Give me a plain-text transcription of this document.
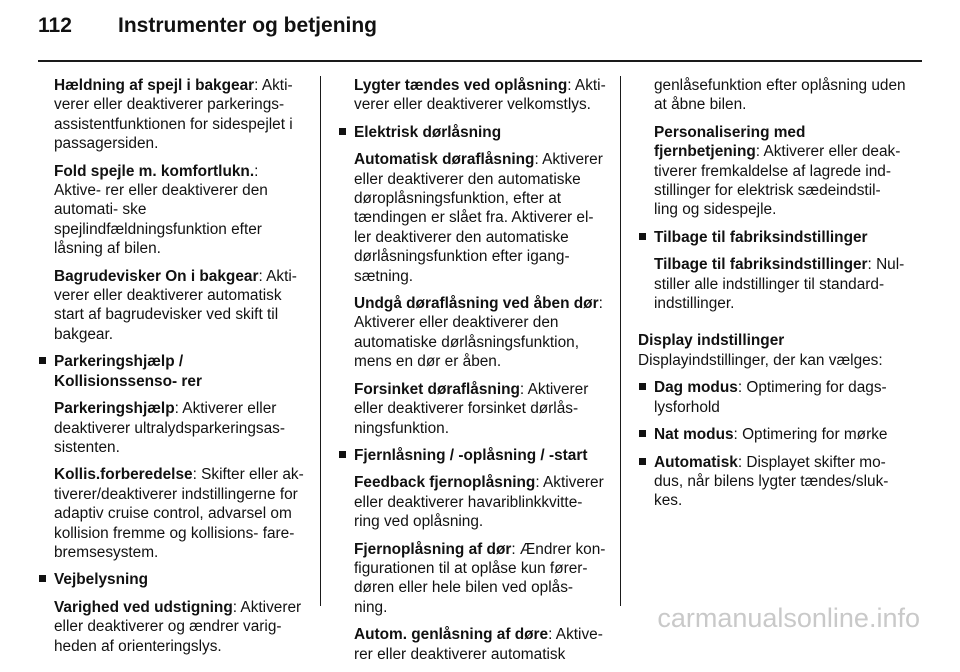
112	Instrumenter og betjening

Hældning af spejl i bakgear: Akti- verer eller deaktiverer parkerings- assistentfunktionen for sidespejlet i passagersiden.

Fold spejle m. komfortlukn.: Aktive- rer eller deaktiverer den automati- ske spejlindfældningsfunktion efter låsning af bilen.

Bagrudevisker On i bakgear: Akti- verer eller deaktiverer automatisk start af bagrudevisker ved skift til bakgear.

Parkeringshjælp / Kollisionssenso- rer

Parkeringshjælp: Aktiverer eller deaktiverer ultralydsparkeringsas- sistenten.

Kollis.forberedelse: Skifter eller ak- tiverer/deaktiverer indstillingerne for adaptiv cruise control, advarsel om kollision fremme og kollisions- fare-bremsesystem.

Vejbelysning

Varighed ved udstigning: Aktiverer eller deaktiverer og ændrer varig- heden af orienteringslys.

Lygter tændes ved oplåsning: Akti- verer eller deaktiverer velkomstlys.

Elektrisk dørlåsning

Automatisk døraflåsning: Aktiverer eller deaktiverer den automatiske døroplåsningsfunktion, efter at tændingen er slået fra. Aktiverer el- ler deaktiverer den automatiske dørlåsningsfunktion efter igang- sætning.

Undgå døraflåsning ved åben dør: Aktiverer eller deaktiverer den automatiske dørlåsningsfunktion, mens en dør er åben.

Forsinket døraflåsning: Aktiverer eller deaktiverer forsinket dørlås- ningsfunktion.

Fjernlåsning / -oplåsning / -start

Feedback fjernoplåsning: Aktiverer eller deaktiverer havariblinkkvitte- ring ved oplåsning.

Fjernoplåsning af dør: Ændrer kon- figurationen til at oplåse kun fører- døren eller hele bilen ved oplås- ning.

Autom. genlåsning af døre: Aktive- rer eller deaktiverer automatisk

genlåsefunktion efter oplåsning uden at åbne bilen.

Personalisering med fjernbetjening: Aktiverer eller deak- tiverer fremkaldelse af lagrede ind- stillinger for elektrisk sædeindstil- ling og sidespejle.

Tilbage til fabriksindstillinger

Tilbage til fabriksindstillinger: Nul- stiller alle indstillinger til standard- indstillinger.

Display indstillinger

Displayindstillinger, der kan vælges:

Dag modus: Optimering for dags- lysforhold
Nat modus: Optimering for mørke
Automatisk: Displayet skifter mo- dus, når bilens lygter tændes/sluk- kes.
carmanualsonline.info
